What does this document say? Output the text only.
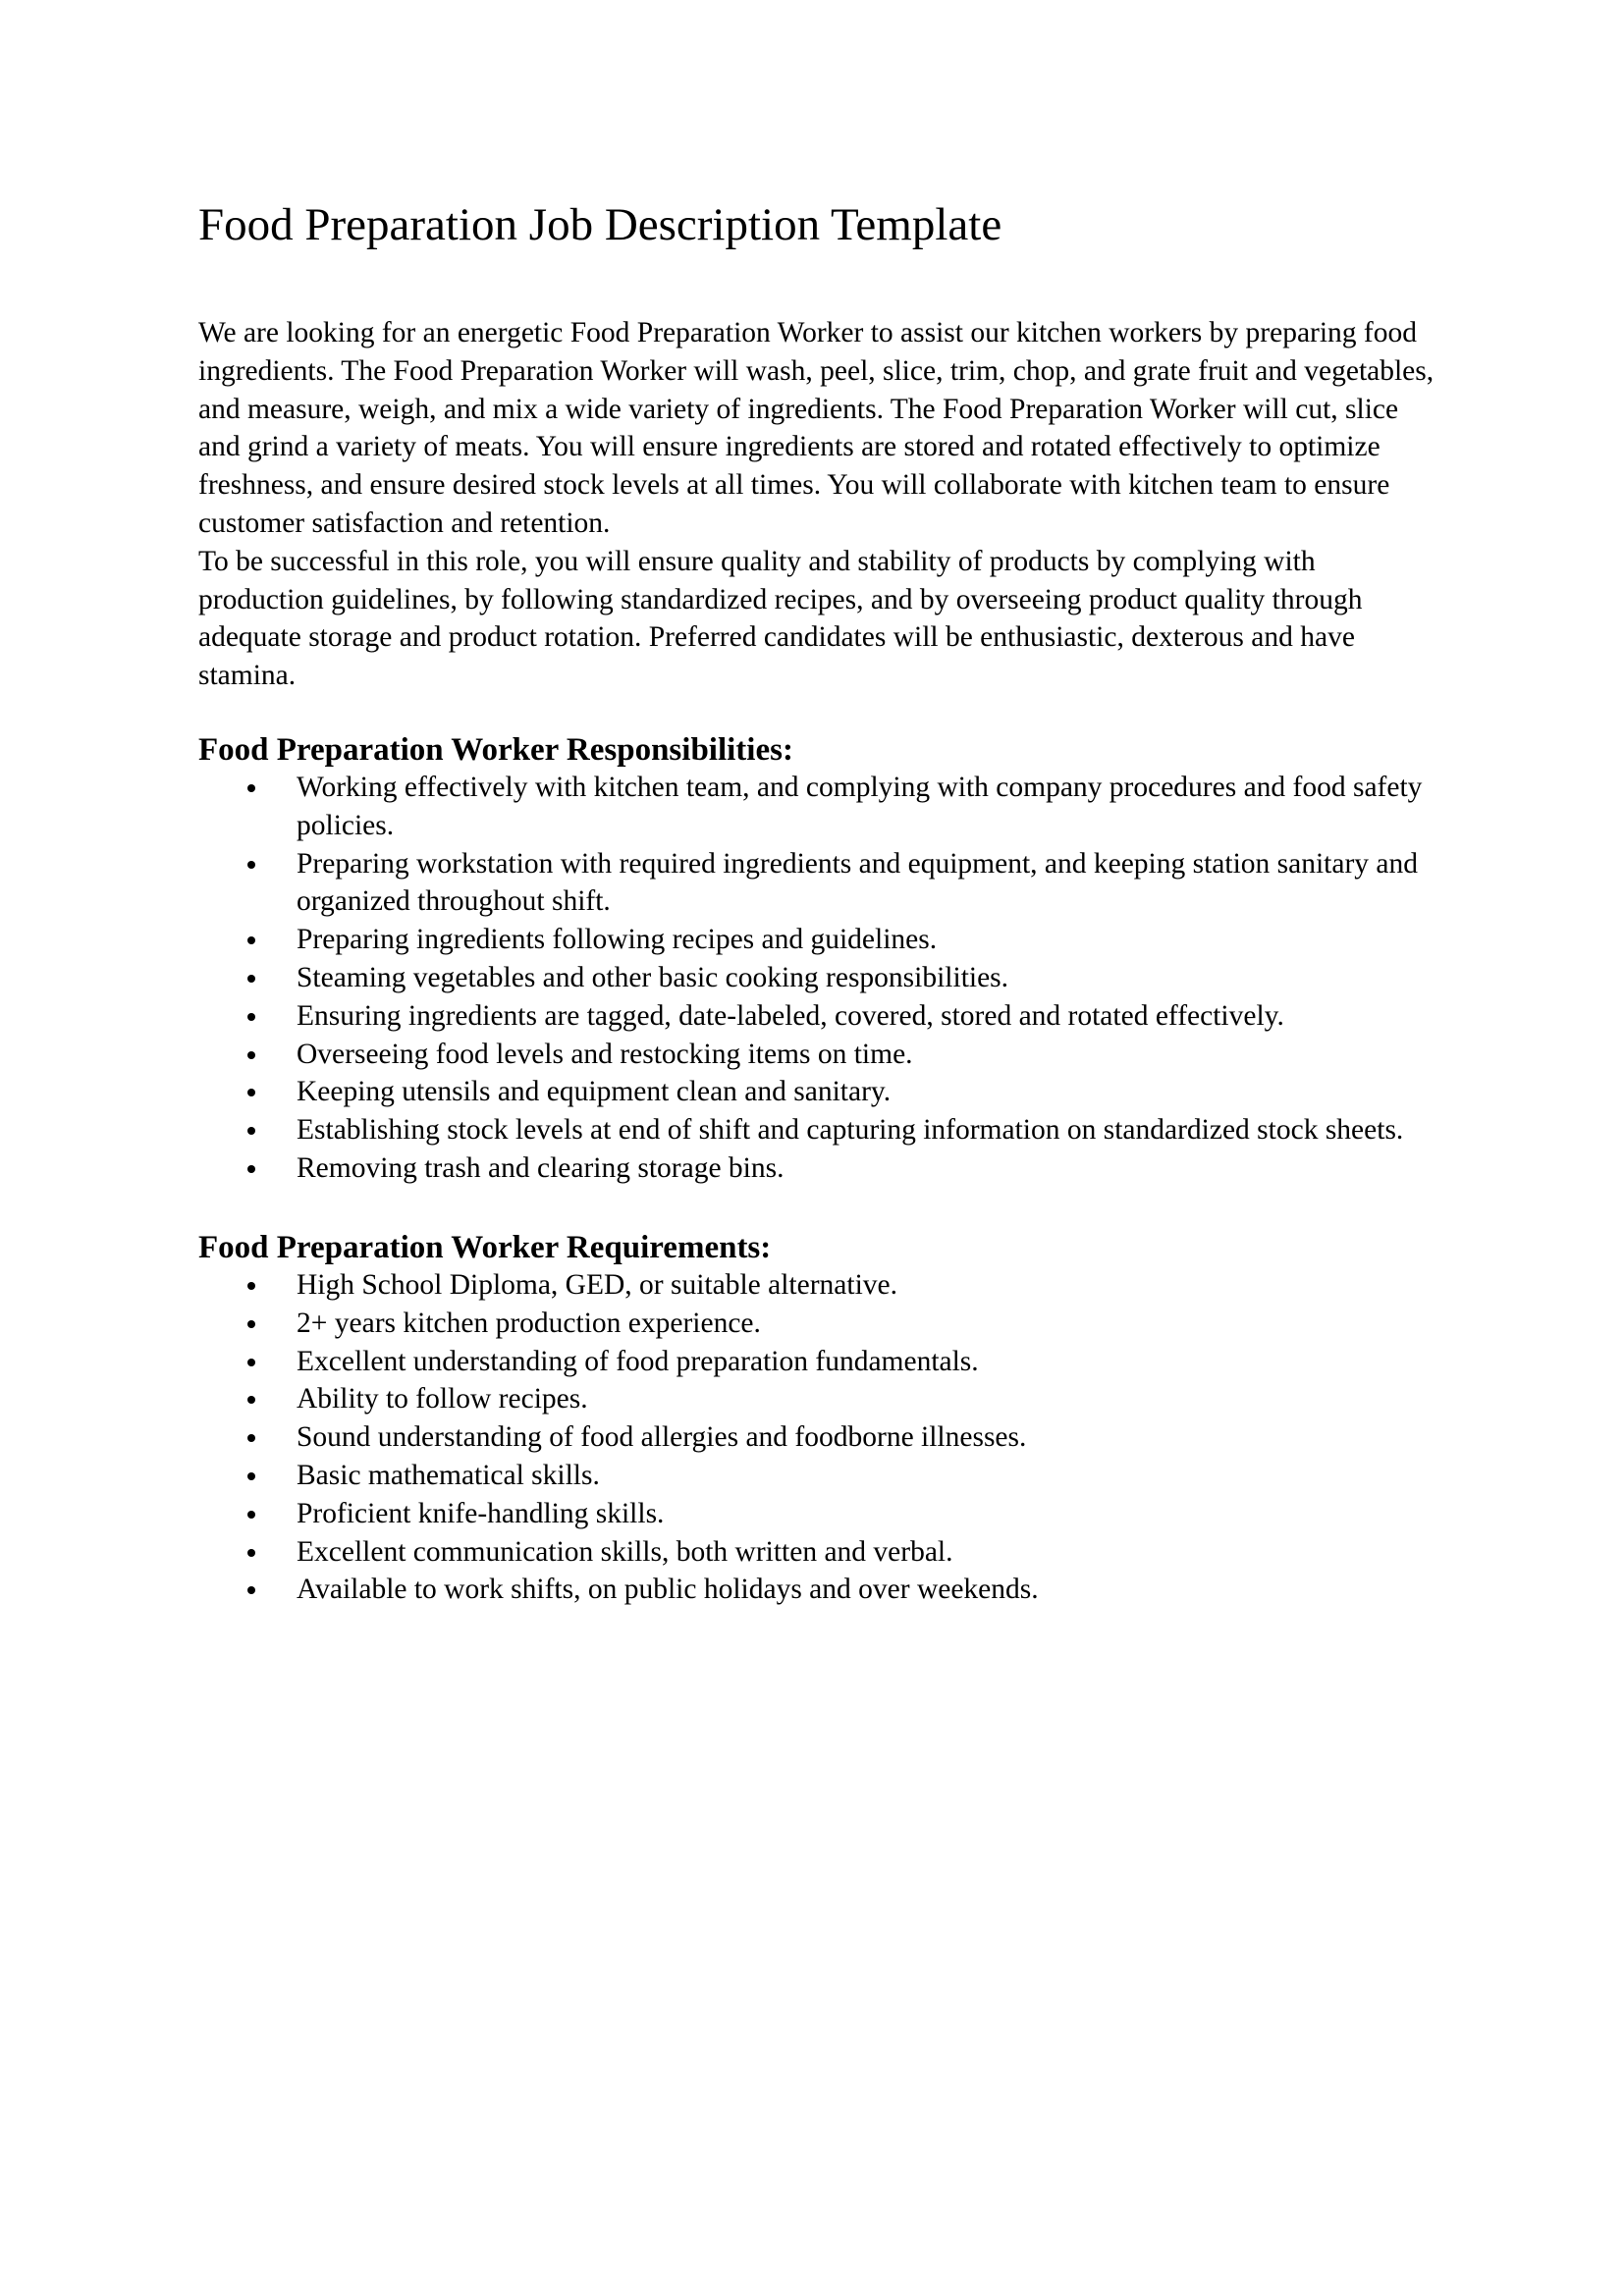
Food Preparation Job Description Template

We are looking for an energetic Food Preparation Worker to assist our kitchen workers by preparing food ingredients. The Food Preparation Worker will wash, peel, slice, trim, chop, and grate fruit and vegetables, and measure, weigh, and mix a wide variety of ingredients. The Food Preparation Worker will cut, slice and grind a variety of meats. You will ensure ingredients are stored and rotated effectively to optimize freshness, and ensure desired stock levels at all times. You will collaborate with kitchen team to ensure customer satisfaction and retention.

To be successful in this role, you will ensure quality and stability of products by complying with production guidelines, by following standardized recipes, and by overseeing product quality through adequate storage and product rotation. Preferred candidates will be enthusiastic, dexterous and have stamina.

Food Preparation Worker Responsibilities:
Working effectively with kitchen team, and complying with company procedures and food safety policies.
Preparing workstation with required ingredients and equipment, and keeping station sanitary and organized throughout shift.
Preparing ingredients following recipes and guidelines.
Steaming vegetables and other basic cooking responsibilities.
Ensuring ingredients are tagged, date-labeled, covered, stored and rotated effectively.
Overseeing food levels and restocking items on time.
Keeping utensils and equipment clean and sanitary.
Establishing stock levels at end of shift and capturing information on standardized stock sheets.
Removing trash and clearing storage bins.
Food Preparation Worker Requirements:
High School Diploma, GED, or suitable alternative.
2+ years kitchen production experience.
Excellent understanding of food preparation fundamentals.
Ability to follow recipes.
Sound understanding of food allergies and foodborne illnesses.
Basic mathematical skills.
Proficient knife-handling skills.
Excellent communication skills, both written and verbal.
Available to work shifts, on public holidays and over weekends.
